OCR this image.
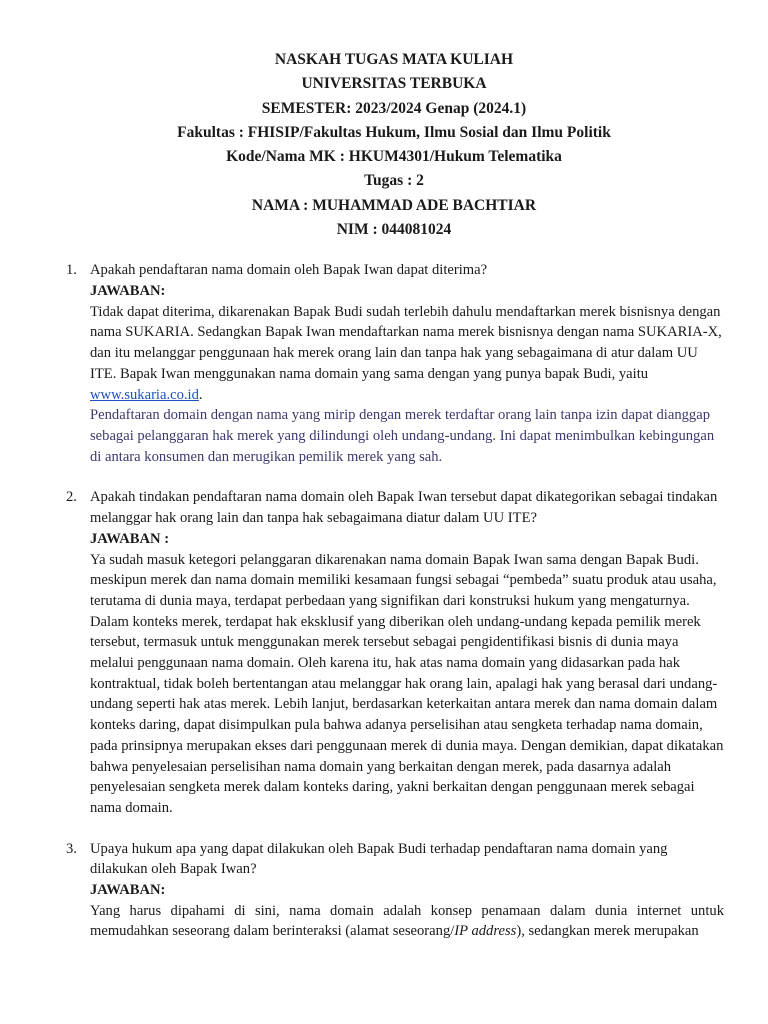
NASKAH TUGAS MATA KULIAH
UNIVERSITAS TERBUKA
SEMESTER: 2023/2024 Genap (2024.1)
Fakultas : FHISIP/Fakultas Hukum, Ilmu Sosial dan Ilmu Politik
Kode/Nama MK : HKUM4301/Hukum Telematika
Tugas : 2
NAMA : MUHAMMAD ADE BACHTIAR
NIM : 044081024
1. Apakah pendaftaran nama domain oleh Bapak Iwan dapat diterima?
JAWABAN:
Tidak dapat diterima, dikarenakan Bapak Budi sudah terlebih dahulu mendaftarkan merek bisnisnya dengan nama SUKARIA. Sedangkan Bapak Iwan mendaftarkan nama merek bisnisnya dengan nama SUKARIA-X, dan itu melanggar penggunaan hak merek orang lain dan tanpa hak yang sebagaimana di atur dalam UU ITE. Bapak Iwan menggunakan nama domain yang sama dengan yang punya bapak Budi, yaitu www.sukaria.co.id.
Pendaftaran domain dengan nama yang mirip dengan merek terdaftar orang lain tanpa izin dapat dianggap sebagai pelanggaran hak merek yang dilindungi oleh undang-undang. Ini dapat menimbulkan kebingungan di antara konsumen dan merugikan pemilik merek yang sah.
2. Apakah tindakan pendaftaran nama domain oleh Bapak Iwan tersebut dapat dikategorikan sebagai tindakan melanggar hak orang lain dan tanpa hak sebagaimana diatur dalam UU ITE?
JAWABAN :
Ya sudah masuk ketegori pelanggaran dikarenakan nama domain Bapak Iwan sama dengan Bapak Budi.
meskipun merek dan nama domain memiliki kesamaan fungsi sebagai “pembeda” suatu produk atau usaha, terutama di dunia maya, terdapat perbedaan yang signifikan dari konstruksi hukum yang mengaturnya. Dalam konteks merek, terdapat hak eksklusif yang diberikan oleh undang-undang kepada pemilik merek tersebut, termasuk untuk menggunakan merek tersebut sebagai pengidentifikasi bisnis di dunia maya melalui penggunaan nama domain. Oleh karena itu, hak atas nama domain yang didasarkan pada hak kontraktual, tidak boleh bertentangan atau melanggar hak orang lain, apalagi hak yang berasal dari undang-undang seperti hak atas merek. Lebih lanjut, berdasarkan keterkaitan antara merek dan nama domain dalam konteks daring, dapat disimpulkan pula bahwa adanya perselisihan atau sengketa terhadap nama domain, pada prinsipnya merupakan ekses dari penggunaan merek di dunia maya. Dengan demikian, dapat dikatakan bahwa penyelesaian perselisihan nama domain yang berkaitan dengan merek, pada dasarnya adalah penyelesaian sengketa merek dalam konteks daring, yakni berkaitan dengan penggunaan merek sebagai nama domain.
3. Upaya hukum apa yang dapat dilakukan oleh Bapak Budi terhadap pendaftaran nama domain yang dilakukan oleh Bapak Iwan?
JAWABAN:
Yang harus dipahami di sini, nama domain adalah konsep penamaan dalam dunia internet untuk memudahkan seseorang dalam berinteraksi (alamat seseorang/IP address), sedangkan merek merupakan
